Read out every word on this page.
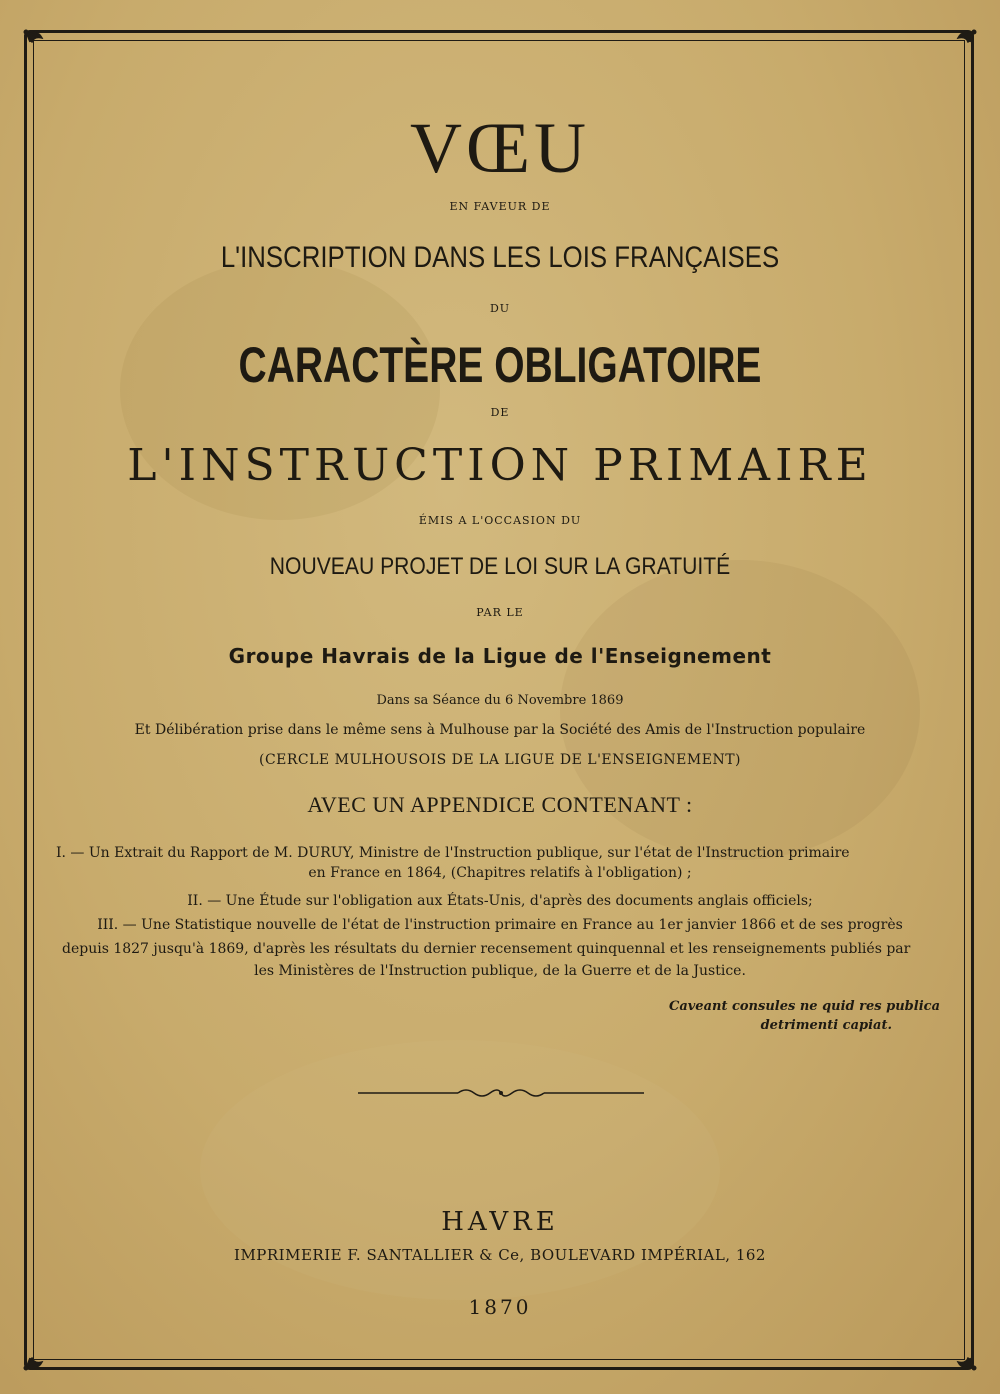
VŒU
EN FAVEUR DE
L'INSCRIPTION DANS LES LOIS FRANÇAISES
DU
CARACTÈRE OBLIGATOIRE
DE
L'INSTRUCTION PRIMAIRE
ÉMIS A L'OCCASION DU
NOUVEAU PROJET DE LOI SUR LA GRATUITÉ
PAR LE
Groupe Havrais de la Ligue de l'Enseignement
Dans sa Séance du 6 Novembre 1869
Et Délibération prise dans le même sens à Mulhouse par la Société des Amis de l'Instruction populaire
(CERCLE MULHOUSOIS DE LA LIGUE DE L'ENSEIGNEMENT)
AVEC UN APPENDICE CONTENANT :
I. — Un Extrait du Rapport de M. DURUY, Ministre de l'Instruction publique, sur l'état de l'Instruction primaire
en France en 1864, (Chapitres relatifs à l'obligation) ;
II. — Une Étude sur l'obligation aux États-Unis, d'après des documents anglais officiels;
III. — Une Statistique nouvelle de l'état de l'instruction primaire en France au 1er janvier 1866 et de ses progrès
depuis 1827 jusqu'à 1869, d'après les résultats du dernier recensement quinquennal et les renseignements publiés par
les Ministères de l'Instruction publique, de la Guerre et de la Justice.
Caveant consules ne quid res publica
detrimenti capiat.
HAVRE
IMPRIMERIE F. SANTALLIER & Ce, BOULEVARD IMPÉRIAL, 162
1870
